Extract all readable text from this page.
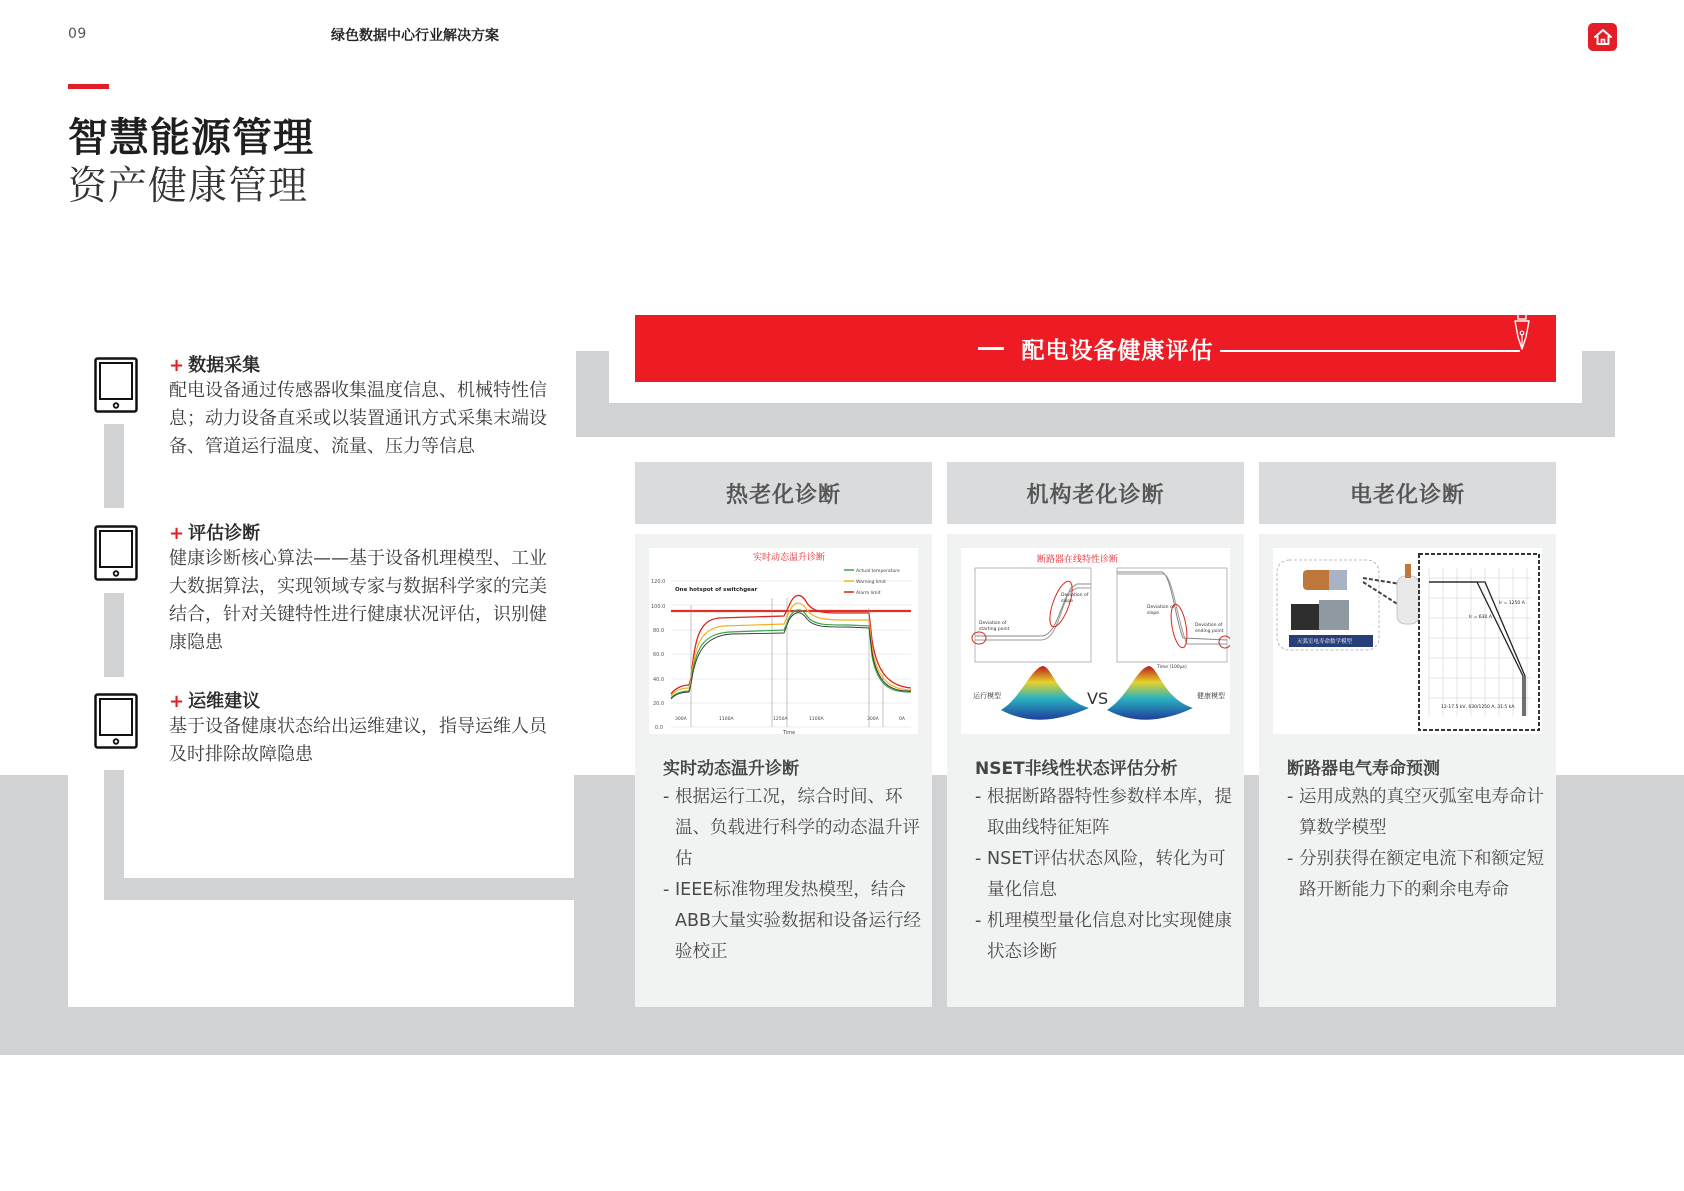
09	绿色数据中心行业解决方案
智慧能源管理
资产健康管理
配电设备健康评估
+ 数据采集
配电设备通过传感器收集温度信息、机械特性信息；动力设备直采或以装置通讯方式采集末端设备、管道运行温度、流量、压力等信息
+ 评估诊断
健康诊断核心算法——基于设备机理模型、工业大数据算法，实现领域专家与数据科学家的完美结合，针对关键特性进行健康状况评估，识别健康隐患
+ 运维建议
基于设备健康状态给出运维建议，指导运维人员及时排除故障隐患
热老化诊断
实时动态温升诊断
120.0
100.0
80.0
60.0
40.0
20.0
0.0
One hotspot of switchgear
300A	1100A	1250A	1100A	300A	0A
Actual temperature
Warning limit
Alarm limit
Time
实时动态温升诊断
- 根据运行工况，综合时间、环温、负载进行科学的动态温升评估
- IEEE标准物理发热模型，结合ABB大量实验数据和设备运行经验校正
机构老化诊断
断路器在线特性诊断
Deviation of
starting point
Deviation of
slope
Deviation of
slope
Deviation of
ending point
Time (100μs)
运行模型	VS	健康模型
NSET非线性状态评估分析
- 根据断路器特性参数样本库，提取曲线特征矩阵
- NSET评估状态风险，转化为可量化信息
- 机理模型量化信息对比实现健康状态诊断
电老化诊断
灭弧室电寿命数学模型
Ir = 1250 A
Ir = 630 A
12-17.5 kV, 630/1250 A, 31.5 kA
断路器电气寿命预测
- 运用成熟的真空灭弧室电寿命计算数学模型
- 分别获得在额定电流下和额定短路开断能力下的剩余电寿命
